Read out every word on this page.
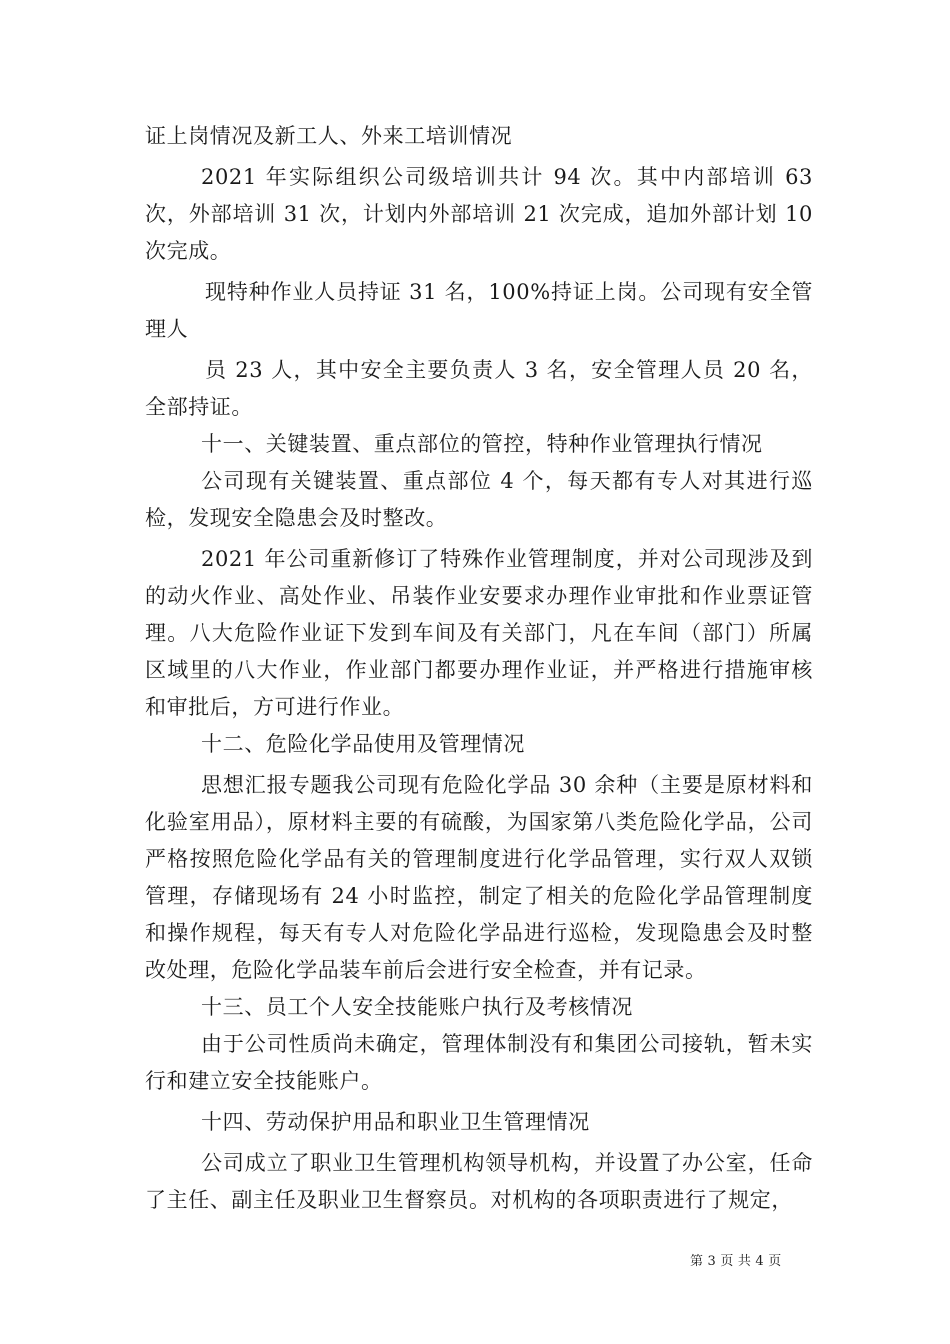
证上岗情况及新工人、外来工培训情况

2021 年实际组织公司级培训共计 94 次。其中内部培训 63 次，外部培训 31 次，计划内外部培训 21 次完成，追加外部计划 10 次完成。

现特种作业人员持证 31 名，100%持证上岗。公司现有安全管理人

员 23 人，其中安全主要负责人 3 名，安全管理人员 20 名，全部持证。

十一、关键装置、重点部位的管控，特种作业管理执行情况

公司现有关键装置、重点部位 4 个，每天都有专人对其进行巡检，发现安全隐患会及时整改。

2021 年公司重新修订了特殊作业管理制度，并对公司现涉及到的动火作业、高处作业、吊装作业安要求办理作业审批和作业票证管理。八大危险作业证下发到车间及有关部门，凡在车间（部门）所属区域里的八大作业，作业部门都要办理作业证，并严格进行措施审核和审批后，方可进行作业。

十二、危险化学品使用及管理情况

思想汇报专题我公司现有危险化学品 30 余种（主要是原材料和化验室用品），原材料主要的有硫酸，为国家第八类危险化学品，公司严格按照危险化学品有关的管理制度进行化学品管理，实行双人双锁管理，存储现场有 24 小时监控，制定了相关的危险化学品管理制度和操作规程，每天有专人对危险化学品进行巡检，发现隐患会及时整改处理，危险化学品装车前后会进行安全检查，并有记录。

十三、员工个人安全技能账户执行及考核情况

由于公司性质尚未确定，管理体制没有和集团公司接轨，暂未实行和建立安全技能账户。

十四、劳动保护用品和职业卫生管理情况

公司成立了职业卫生管理机构领导机构，并设置了办公室，任命了主任、副主任及职业卫生督察员。对机构的各项职责进行了规定，

第 3 页 共 4 页
